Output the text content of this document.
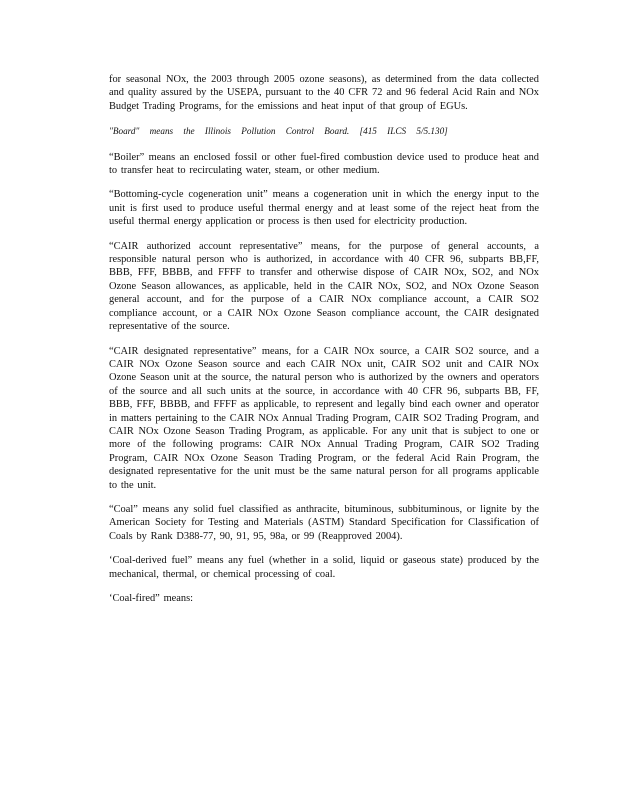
for seasonal NOx, the 2003 through 2005 ozone seasons), as determined from the data collected and quality assured by the USEPA, pursuant to the 40 CFR 72 and 96 federal Acid Rain and NOx Budget Trading Programs, for the emissions and heat input of that group of EGUs.

"Board" means the Illinois Pollution Control Board. [415 ILCS 5/5.130]

“Boiler” means an enclosed fossil or other fuel-fired combustion device used to produce heat and to transfer heat to recirculating water, steam, or other medium.

“Bottoming-cycle cogeneration unit” means a cogeneration unit in which the energy input to the unit is first used to produce useful thermal energy and at least some of the reject heat from the useful thermal energy application or process is then used for electricity production.

“CAIR authorized account representative” means, for the purpose of general accounts, a responsible natural person who is authorized, in accordance with 40 CFR 96, subparts BB,FF, BBB, FFF, BBBB, and FFFF to transfer and otherwise dispose of CAIR NOx, SO2, and NOx Ozone Season allowances, as applicable, held in the CAIR NOx, SO2, and NOx Ozone Season general account, and for the purpose of a CAIR NOx compliance account, a CAIR SO2 compliance account, or a CAIR NOx Ozone Season compliance account, the CAIR designated representative of the source.

“CAIR designated representative” means, for a CAIR NOx source, a CAIR SO2 source, and a CAIR NOx Ozone Season source and each CAIR NOx unit, CAIR SO2 unit and CAIR NOx Ozone Season unit at the source, the natural person who is authorized by the owners and operators of the source and all such units at the source, in accordance with 40 CFR 96, subparts BB, FF, BBB, FFF, BBBB, and FFFF as applicable, to represent and legally bind each owner and operator in matters pertaining to the CAIR NOx Annual Trading Program, CAIR SO2 Trading Program, and CAIR NOx Ozone Season Trading Program, as applicable. For any unit that is subject to one or more of the following programs: CAIR NOx Annual Trading Program, CAIR SO2 Trading Program, CAIR NOx Ozone Season Trading Program, or the federal Acid Rain Program, the designated representative for the unit must be the same natural person for all programs applicable to the unit.

“Coal” means any solid fuel classified as anthracite, bituminous, subbituminous, or lignite by the American Society for Testing and Materials (ASTM) Standard Specification for Classification of Coals by Rank D388-77, 90, 91, 95, 98a, or 99 (Reapproved 2004).

‘Coal-derived fuel” means any fuel (whether in a solid, liquid or gaseous state) produced by the mechanical, thermal, or chemical processing of coal.

‘Coal-fired” means:
